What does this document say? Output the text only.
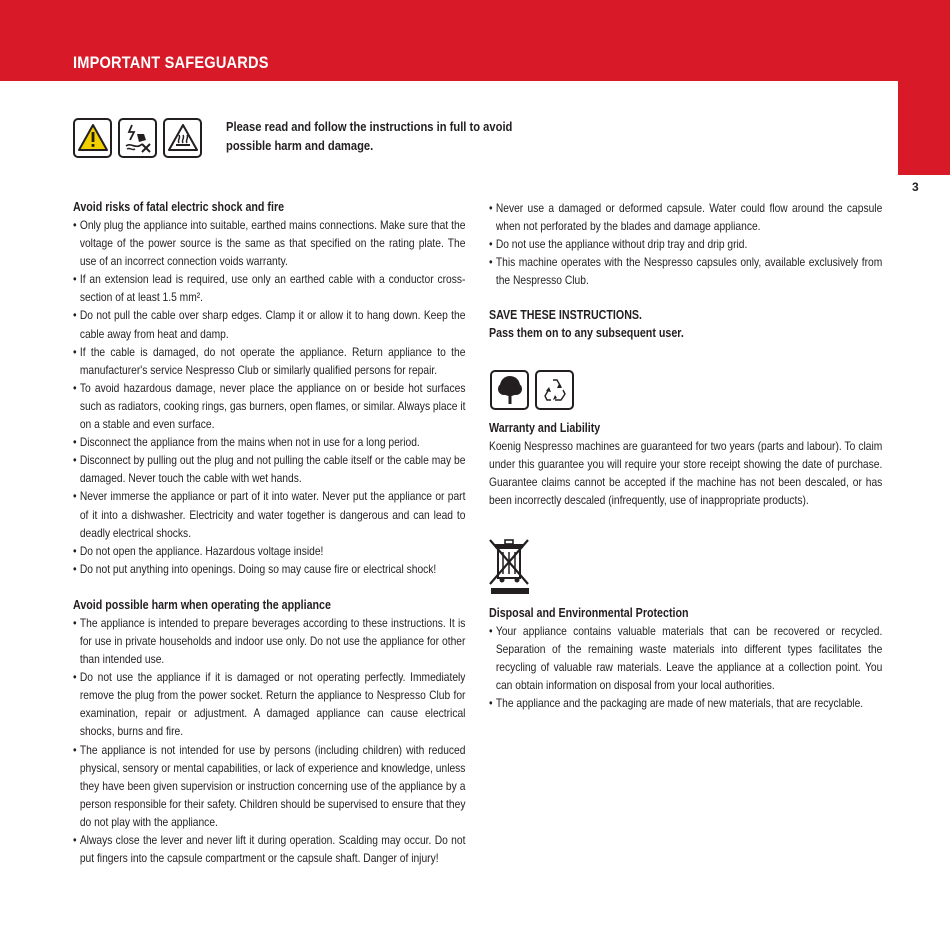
IMPORTANT SAFEGUARDS
3
Please read and follow the instructions in full to avoid possible harm and damage.
Avoid risks of fatal electric shock and fire
• Only plug the appliance into suitable, earthed mains connections. Make sure that the voltage of the power source is the same as that specified on the rating plate. The use of an incorrect connection voids warranty.
• If an extension lead is required, use only an earthed cable with a conductor cross-section of at least 1.5 mm².
• Do not pull the cable over sharp edges. Clamp it or allow it to hang down. Keep the cable away from heat and damp.
• If the cable is damaged, do not operate the appliance. Return appliance to the manufacturer's service Nespresso Club or similarly qualified persons for repair.
• To avoid hazardous damage, never place the appliance on or beside hot surfaces such as radiators, cooking rings, gas burners, open flames, or similar. Always place it on a stable and even surface.
• Disconnect the appliance from the mains when not in use for a long period.
• Disconnect by pulling out the plug and not pulling the cable itself or the cable may be damaged. Never touch the cable with wet hands.
• Never immerse the appliance or part of it into water. Never put the appliance or part of it into a dishwasher. Electricity and water together is dangerous and can lead to deadly electrical shocks.
• Do not open the appliance. Hazardous voltage inside!
• Do not put anything into openings. Doing so may cause fire or electrical shock!
Avoid possible harm when operating the appliance
• The appliance is intended to prepare beverages according to these instructions. It is for use in private households and indoor use only. Do not use the appliance for other than intended use.
• Do not use the appliance if it is damaged or not operating perfectly. Immediately remove the plug from the power socket. Return the appliance to Nespresso Club for examination, repair or adjustment. A damaged appliance can cause electrical shocks, burns and fire.
• The appliance is not intended for use by persons (including children) with reduced physical, sensory or mental capabilities, or lack of experience and knowledge, unless they have been given supervision or instruction concerning use of the appliance by a person responsible for their safety. Children should be supervised to ensure that they do not play with the appliance.
• Always close the lever and never lift it during operation. Scalding may occur. Do not put fingers into the capsule compartment or the capsule shaft. Danger of injury!
• Never use a damaged or deformed capsule. Water could flow around the capsule when not perforated by the blades and damage appliance.
• Do not use the appliance without drip tray and drip grid.
• This machine operates with the Nespresso capsules only, available exclusively from the Nespresso Club.
SAVE THESE INSTRUCTIONS.
Pass them on to any subsequent user.
Warranty and Liability

Koenig Nespresso machines are guaranteed for two years (parts and labour). To claim under this guarantee you will require your store receipt showing the date of purchase. Guarantee claims cannot be accepted if the machine has not been descaled, or has been incorrectly descaled (infrequently, use of inappropriate products).

Disposal and Environmental Protection
• Your appliance contains valuable materials that can be recovered or recycled. Separation of the remaining waste materials into different types facilitates the recycling of valuable raw materials. Leave the appliance at a collection point. You can obtain information on disposal from your local authorities.
• The appliance and the packaging are made of new materials, that are recyclable.
